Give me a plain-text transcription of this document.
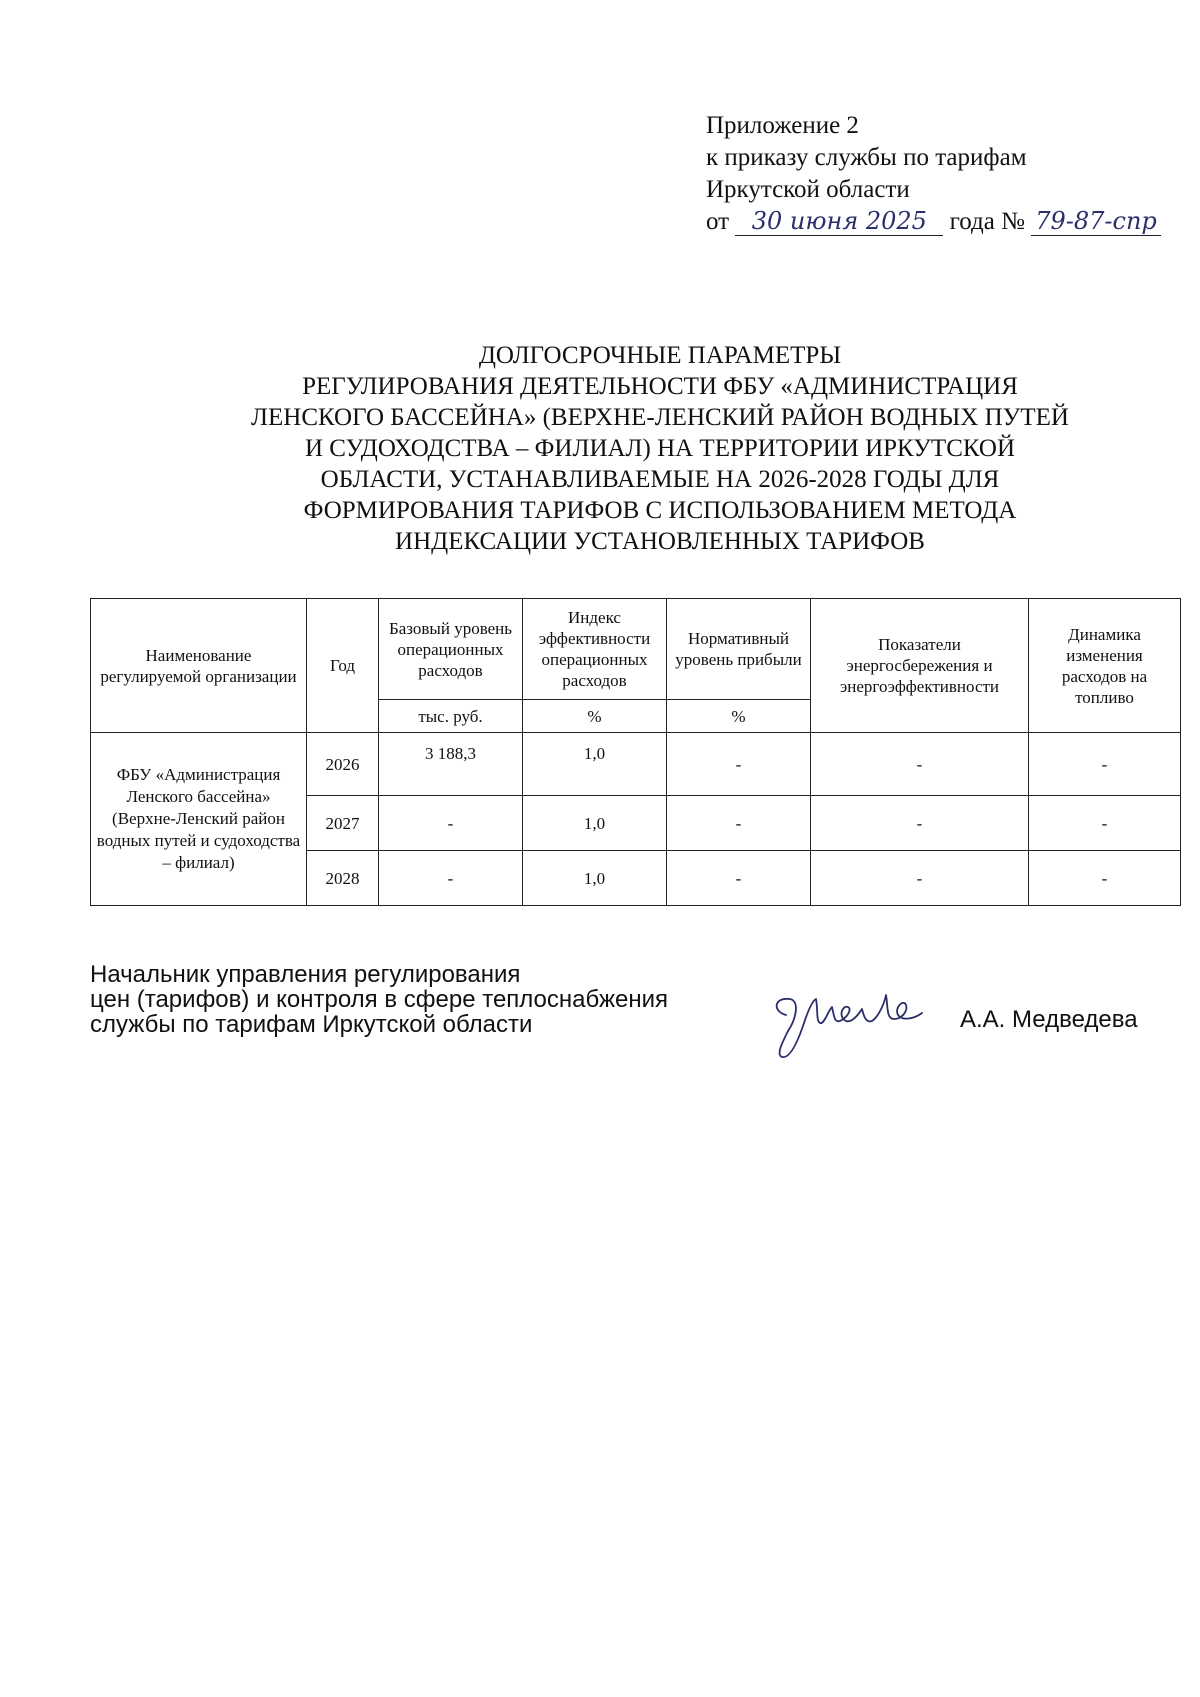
Приложение 2
к приказу службы по тарифам
Иркутской области
от 30 июня 2025 года № 79-87-спр
ДОЛГОСРОЧНЫЕ ПАРАМЕТРЫ
РЕГУЛИРОВАНИЯ ДЕЯТЕЛЬНОСТИ ФБУ «АДМИНИСТРАЦИЯ
ЛЕНСКОГО БАССЕЙНА» (ВЕРХНЕ-ЛЕНСКИЙ РАЙОН ВОДНЫХ ПУТЕЙ
И СУДОХОДСТВА – ФИЛИАЛ) НА ТЕРРИТОРИИ ИРКУТСКОЙ
ОБЛАСТИ, УСТАНАВЛИВАЕМЫЕ НА 2026-2028 ГОДЫ ДЛЯ
ФОРМИРОВАНИЯ ТАРИФОВ С ИСПОЛЬЗОВАНИЕМ МЕТОДА
ИНДЕКСАЦИИ УСТАНОВЛЕННЫХ ТАРИФОВ
Наименование регулируемой организации	Год	Базовый уровень операционных расходов	Индекс эффективности операционных расходов	Нормативный уровень прибыли	Показатели энергосбережения и энергоэффективности	Динамика изменения расходов на топливо
		тыс. руб.	%	%		
ФБУ «Администрация Ленского бассейна» (Верхне-Ленский район водных путей и судоходства – филиал)	2026	3 188,3	1,0	-	-	-
	2027	-	1,0	-	-	-
	2028	-	1,0	-	-	-
Начальник управления регулирования
цен (тарифов) и контроля в сфере теплоснабжения
службы по тарифам Иркутской области	А.А. Медведева
